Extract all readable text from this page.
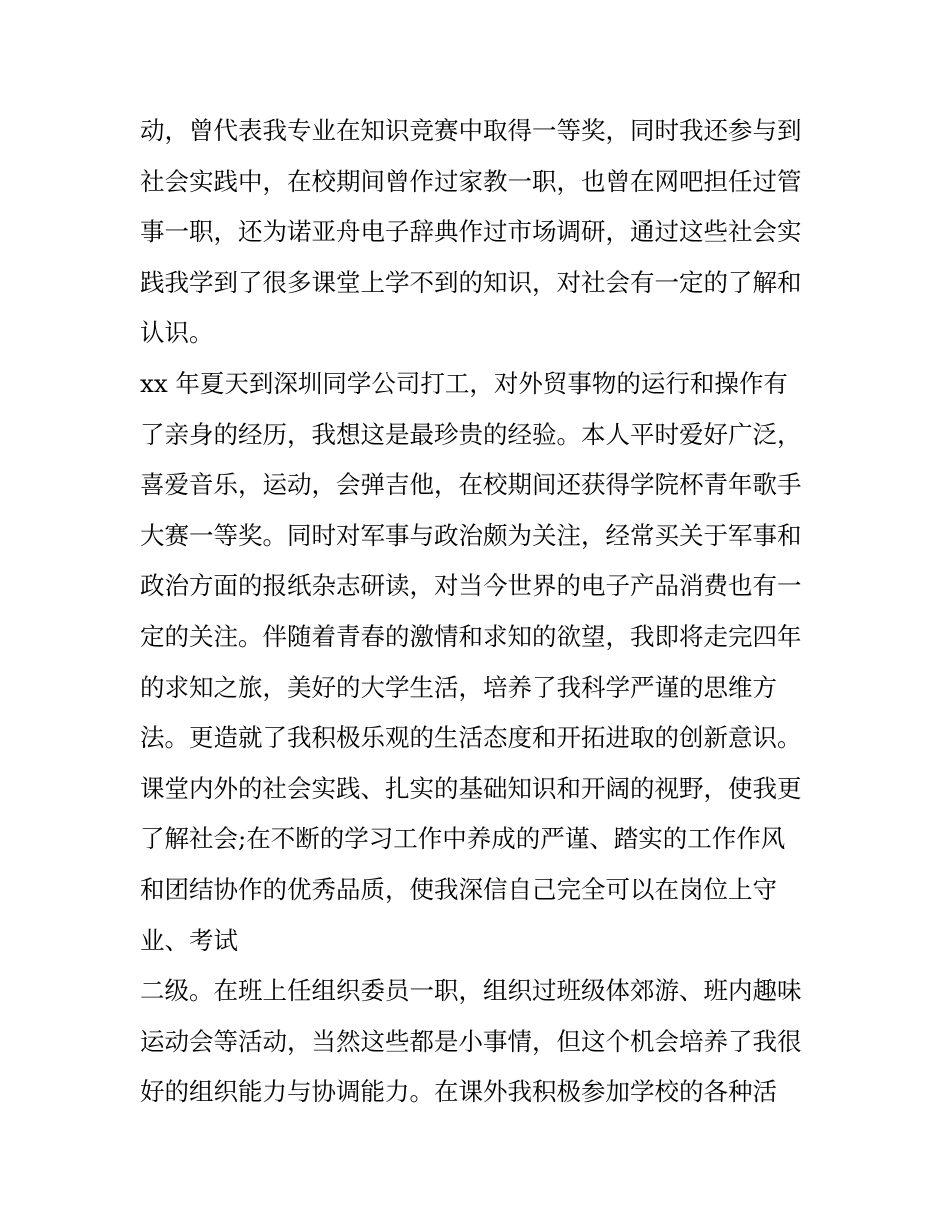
动，曾代表我专业在知识竞赛中取得一等奖，同时我还参与到

社会实践中，在校期间曾作过家教一职，也曾在网吧担任过管

事一职，还为诺亚舟电子辞典作过市场调研，通过这些社会实

践我学到了很多课堂上学不到的知识，对社会有一定的了解和

认识。

xx 年夏天到深圳同学公司打工，对外贸事物的运行和操作有

了亲身的经历，我想这是最珍贵的经验。本人平时爱好广泛，

喜爱音乐，运动，会弹吉他，在校期间还获得学院杯青年歌手

大赛一等奖。同时对军事与政治颇为关注，经常买关于军事和

政治方面的报纸杂志研读，对当今世界的电子产品消费也有一

定的关注。伴随着青春的激情和求知的欲望，我即将走完四年

的求知之旅，美好的大学生活，培养了我科学严谨的思维方

法。更造就了我积极乐观的生活态度和开拓进取的创新意识。

课堂内外的社会实践、扎实的基础知识和开阔的视野，使我更

了解社会;在不断的学习工作中养成的严谨、踏实的工作作风

和团结协作的优秀品质，使我深信自己完全可以在岗位上守

业、考试

二级。在班上任组织委员一职，组织过班级体郊游、班内趣味

运动会等活动，当然这些都是小事情，但这个机会培养了我很

好的组织能力与协调能力。在课外我积极参加学校的各种活
